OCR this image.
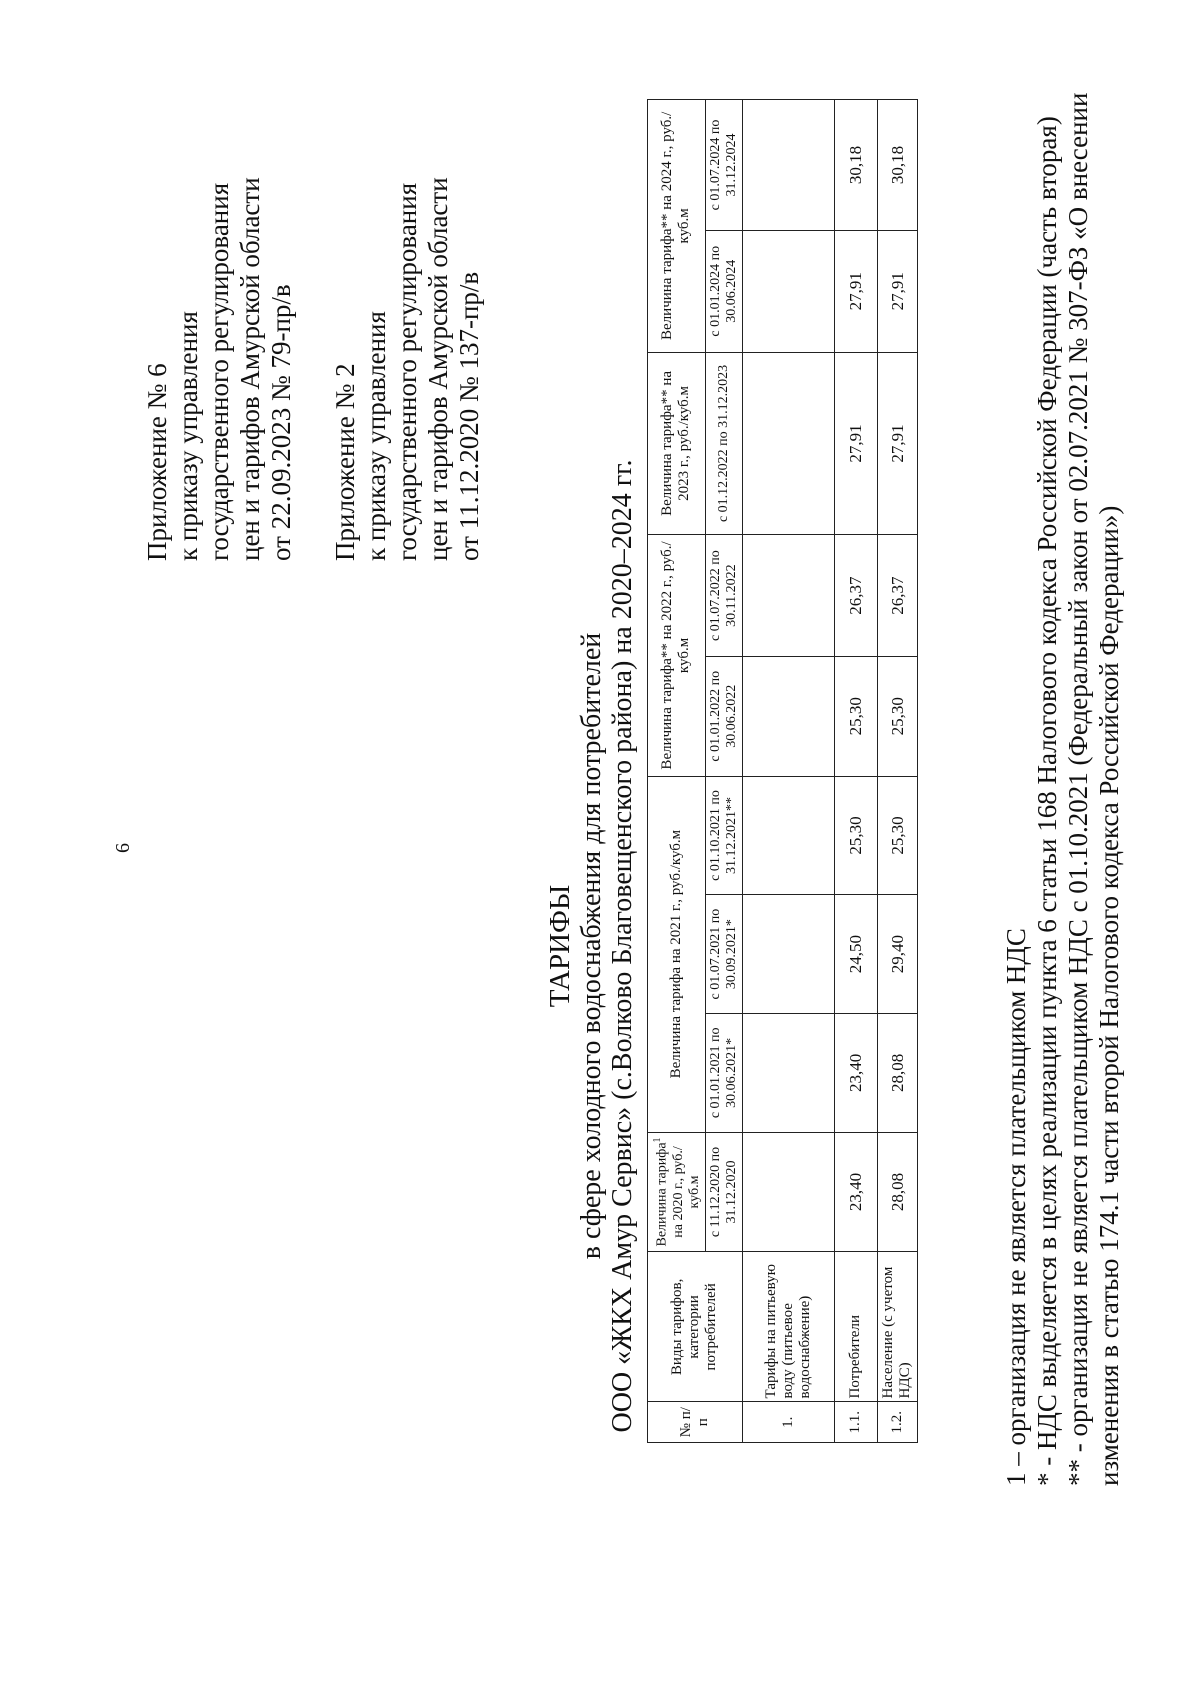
6
Приложение № 6 к приказу управления государственного регулирования цен и тарифов Амурской области от 22.09.2023 № 79-пр/в Приложение № 2 к приказу управления государственного регулирования цен и тарифов Амурской области от 11.12.2020 № 137-пр/в
ТАРИФЫ в сфере холодного водоснабжения для потребителей ООО «ЖКХ Амур Сервис» (с.Волково Благовещенского района) на 2020–2024 гг.	№ п/п	Виды тарифов, категории потребителей	Величина тарифа$^1$ на 2020 г., руб./куб.м	Величина тарифа на 2021 г., руб./куб.м			Величина тарифа** на 2022 г., руб./куб.м		Величина тарифа** на 2023 г., руб./куб.м	Величина тарифа** на 2024 г., руб./куб.м	
		с 11.12.2020 по 31.12.2020	с 01.01.2021 по 30.06.2021*	с 01.07.2021 по 30.09.2021*	с 01.10.2021 по 31.12.2021**	с 01.01.2022 по 30.06.2022	с 01.07.2022 по 30.11.2022	с 01.12.2022 по 31.12.2023	с 01.01.2024 по 30.06.2024	с 01.07.2024 по 31.12.2024
1.	Тарифы на питьевую воду (питьевое водоснабжение)									
1.1.	Потребители	23,40	23,40	24,50	25,30	25,30	26,37	27,91	27,91	30,18
1.2.	Население (с учетом НДС)	28,08	28,08	29,40	25,30	25,30	26,37	27,91	27,91	30,18
1 – организация не является плательщиком НДС * - НДС выделяется в целях реализации пункта 6 статьи 168 Налогового кодекса Российской Федерации (часть вторая) ** - организация не является плательщиком НДС с 01.10.2021 (Федеральный закон от 02.07.2021 № 307-ФЗ «О внесении изменения в статью 174.1 части второй Налогового кодекса Российской Федерации»)
